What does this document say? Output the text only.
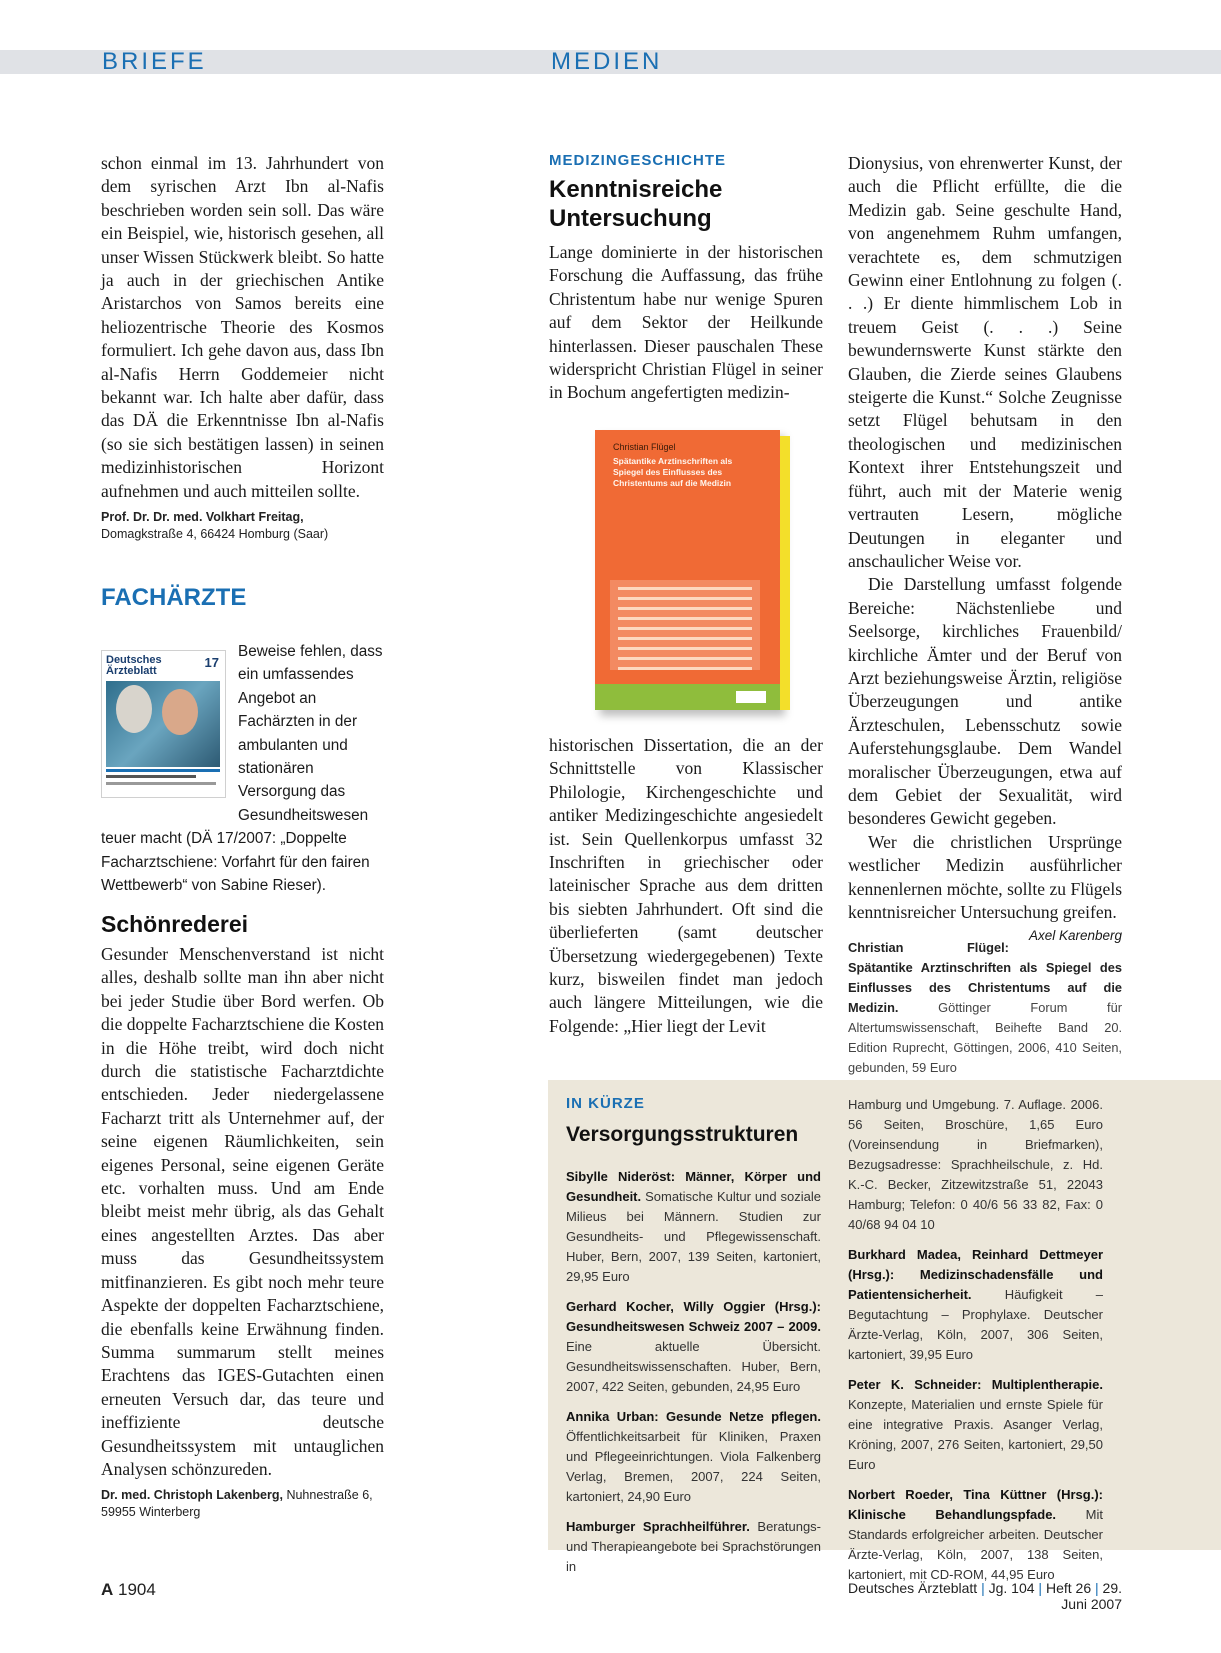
BRIEFE	MEDIEN

schon einmal im 13. Jahrhundert von dem syrischen Arzt Ibn al-Nafis beschrieben worden sein soll. Das wäre ein Beispiel, wie, historisch gesehen, all unser Wissen Stückwerk bleibt. So hatte ja auch in der griechischen Antike Aristarchos von Samos bereits eine heliozentrische Theorie des Kosmos formuliert. Ich gehe davon aus, dass Ibn al-Nafis Herrn Goddemeier nicht bekannt war. Ich halte aber dafür, dass das DÄ die Erkenntnisse Ibn al-Nafis (so sie sich bestätigen lassen) in seinen medizinhistorischen Horizont aufnehmen und auch mitteilen sollte.

Prof. Dr. Dr. med. Volkhart Freitag,
Domagkstraße 4, 66424 Homburg (Saar)
FACHÄRZTE
Deutsches
Ärzteblatt
17

Beweise fehlen, dass ein umfassendes Angebot an Fachärzten in der ambulanten und stationären Versorgung das Gesundheitswesen teuer macht (DÄ 17/2007: „Doppelte Facharztschiene: Vorfahrt für den fairen Wettbewerb“ von Sabine Rieser).

Schönrederei

Gesunder Menschenverstand ist nicht alles, deshalb sollte man ihn aber nicht bei jeder Studie über Bord werfen. Ob die doppelte Facharztschiene die Kosten in die Höhe treibt, wird doch nicht durch die statistische Facharztdichte entschieden. Jeder niedergelassene Facharzt tritt als Unternehmer auf, der seine eigenen Räumlichkeiten, sein eigenes Personal, seine eigenen Geräte etc. vorhalten muss. Und am Ende bleibt meist mehr übrig, als das Gehalt eines angestellten Arztes. Das aber muss das Gesundheitssystem mitfinanzieren. Es gibt noch mehr teure Aspekte der doppelten Facharztschiene, die ebenfalls keine Erwähnung finden. Summa summarum stellt meines Erachtens das IGES-Gutachten einen erneuten Versuch dar, das teure und ineffiziente deutsche Gesundheitssystem mit untauglichen Analysen schönzureden.

Dr. med. Christoph Lakenberg, Nuhnestraße 6,
59955 Winterberg
MEDIZINGESCHICHTE
Kenntnisreiche
Untersuchung

Lange dominierte in der historischen Forschung die Auffassung, das frühe Christentum habe nur wenige Spuren auf dem Sektor der Heilkunde hinterlassen. Dieser pauschalen These widerspricht Christian Flügel in seiner in Bochum angefertigten medizin-

Christian Flügel
Spätantike Arztinschriften als Spiegel des Einflusses des Christentums auf die Medizin

historischen Dissertation, die an der Schnittstelle von Klassischer Philologie, Kirchengeschichte und antiker Medizingeschichte angesiedelt ist. Sein Quellenkorpus umfasst 32 Inschriften in griechischer oder lateinischer Sprache aus dem dritten bis siebten Jahrhundert. Oft sind die überlieferten (samt deutscher Übersetzung wiedergegebenen) Texte kurz, bisweilen findet man jedoch auch längere Mitteilungen, wie die Folgende: „Hier liegt der Levit

Dionysius, von ehrenwerter Kunst, der auch die Pflicht erfüllte, die die Medizin gab. Seine geschulte Hand, von angenehmem Ruhm umfangen, verachtete es, dem schmutzigen Gewinn einer Entlohnung zu folgen (. . .) Er diente himmlischem Lob in treuem Geist (. . .) Seine bewundernswerte Kunst stärkte den Glauben, die Zierde seines Glaubens steigerte die Kunst.“ Solche Zeugnisse setzt Flügel behutsam in den theologischen und medizinischen Kontext ihrer Entstehungszeit und führt, auch mit der Materie wenig vertrauten Lesern, mögliche Deutungen in eleganter und anschaulicher Weise vor.

Die Darstellung umfasst folgende Bereiche: Nächstenliebe und Seelsorge, kirchliches Frauenbild/ kirchliche Ämter und der Beruf von Arzt beziehungsweise Ärztin, religiöse Überzeugungen und antike Ärzteschulen, Lebensschutz sowie Auferstehungsglaube. Dem Wandel moralischer Überzeugungen, etwa auf dem Gebiet der Sexualität, wird besonderes Gewicht gegeben.

Wer die christlichen Ursprünge westlicher Medizin ausführlicher kennenlernen möchte, sollte zu Flügels kenntnisreicher Untersuchung greifen.
Axel Karenberg

Christian Flügel: Spätantike Arztinschriften als Spiegel des Einflusses des Christentums auf die Medizin. Göttinger Forum für Altertumswissenschaft, Beihefte Band 20. Edition Ruprecht, Göttingen, 2006, 410 Seiten, gebunden, 59 Euro
IN KÜRZE
Versorgungsstrukturen
Sibylle Nideröst: Männer, Körper und Gesundheit. Somatische Kultur und soziale Milieus bei Männern. Studien zur Gesundheits- und Pflegewissenschaft. Huber, Bern, 2007, 139 Seiten, kartoniert, 29,95 Euro
Gerhard Kocher, Willy Oggier (Hrsg.): Gesundheitswesen Schweiz 2007 – 2009. Eine aktuelle Übersicht. Gesundheitswissenschaften. Huber, Bern, 2007, 422 Seiten, gebunden, 24,95 Euro
Annika Urban: Gesunde Netze pflegen. Öffentlichkeitsarbeit für Kliniken, Praxen und Pflegeeinrichtungen. Viola Falkenberg Verlag, Bremen, 2007, 224 Seiten, kartoniert, 24,90 Euro
Hamburger Sprachheilführer. Beratungs- und Therapieangebote bei Sprachstörungen in
Hamburg und Umgebung. 7. Auflage. 2006. 56 Seiten, Broschüre, 1,65 Euro (Voreinsendung in Briefmarken), Bezugsadresse: Sprachheilschule, z. Hd. K.-C. Becker, Zitzewitzstraße 51, 22043 Hamburg; Telefon: 0 40/6 56 33 82, Fax: 0 40/68 94 04 10
Burkhard Madea, Reinhard Dettmeyer (Hrsg.): Medizinschadensfälle und Patientensicherheit. Häufigkeit – Begutachtung – Prophylaxe. Deutscher Ärzte-Verlag, Köln, 2007, 306 Seiten, kartoniert, 39,95 Euro
Peter K. Schneider: Multiplentherapie. Konzepte, Materialien und ernste Spiele für eine integrative Praxis. Asanger Verlag, Kröning, 2007, 276 Seiten, kartoniert, 29,50 Euro
Norbert Roeder, Tina Küttner (Hrsg.): Klinische Behandlungspfade. Mit Standards erfolgreicher arbeiten. Deutscher Ärzte-Verlag, Köln, 2007, 138 Seiten, kartoniert, mit CD-ROM, 44,95 Euro
A 1904	Deutsches Ärzteblatt | Jg. 104 | Heft 26 | 29. Juni 2007
